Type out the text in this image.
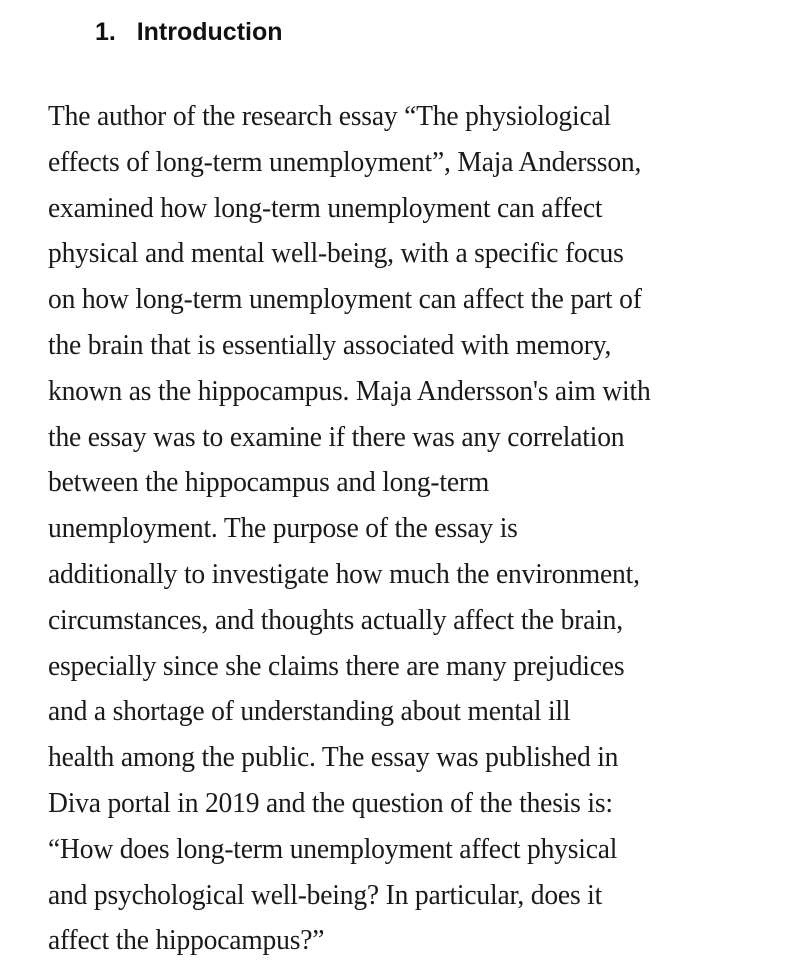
1. Introduction
The author of the research essay “The physiological effects of long-term unemployment”, Maja Andersson, examined how long-term unemployment can affect physical and mental well-being, with a specific focus on how long-term unemployment can affect the part of the brain that is essentially associated with memory, known as the hippocampus. Maja Andersson's aim with the essay was to examine if there was any correlation between the hippocampus and long-term unemployment. The purpose of the essay is additionally to investigate how much the environment, circumstances, and thoughts actually affect the brain, especially since she claims there are many prejudices and a shortage of understanding about mental ill health among the public. The essay was published in Diva portal in 2019 and the question of the thesis is: “How does long-term unemployment affect physical and psychological well-being? In particular, does it affect the hippocampus?”
